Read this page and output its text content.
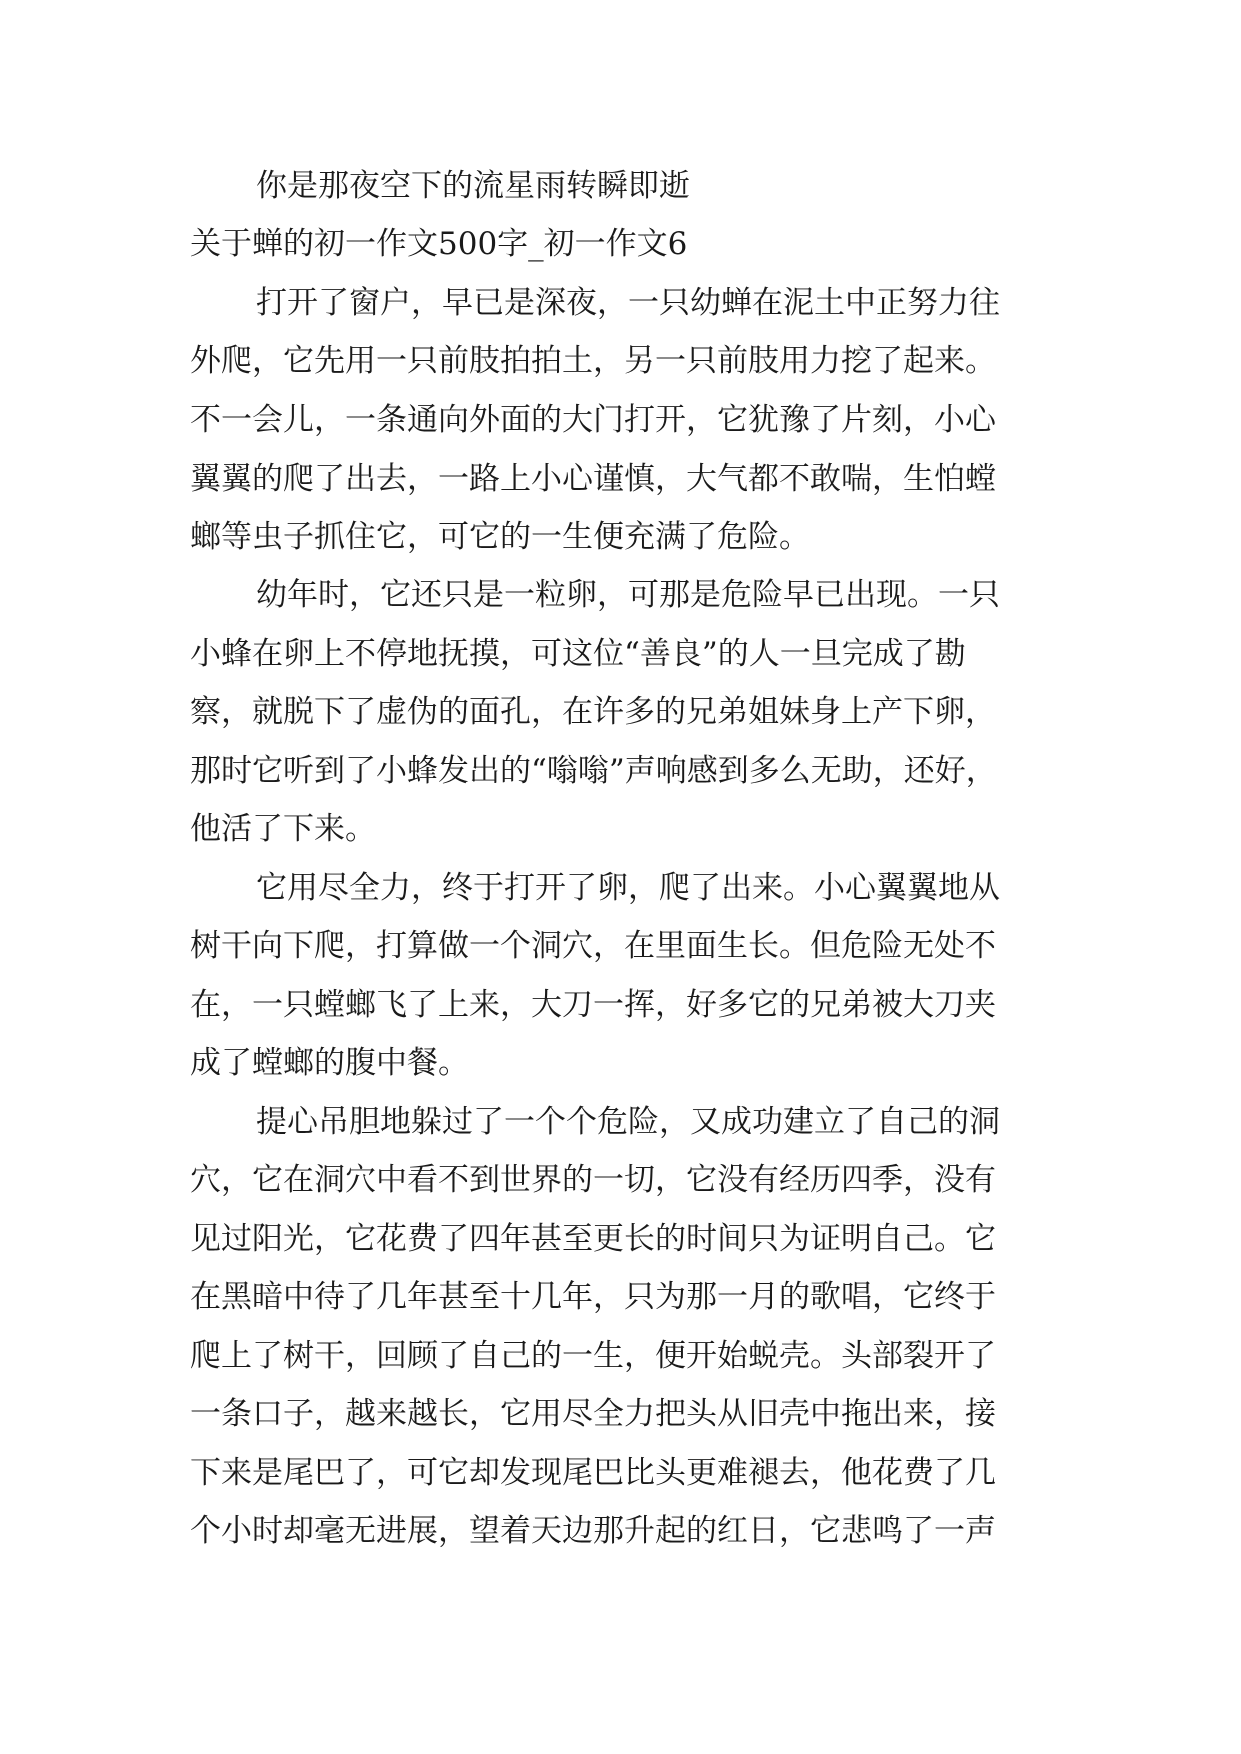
你是那夜空下的流星雨转瞬即逝

关于蝉的初一作文500字_初一作文6

打开了窗户，早已是深夜，一只幼蝉在泥土中正努力往

外爬，它先用一只前肢拍拍土，另一只前肢用力挖了起来。

不一会儿，一条通向外面的大门打开，它犹豫了片刻，小心

翼翼的爬了出去，一路上小心谨慎，大气都不敢喘，生怕螳

螂等虫子抓住它，可它的一生便充满了危险。

幼年时，它还只是一粒卵，可那是危险早已出现。一只

小蜂在卵上不停地抚摸，可这位“善良”的人一旦完成了勘

察，就脱下了虚伪的面孔，在许多的兄弟姐妹身上产下卵，

那时它听到了小蜂发出的“嗡嗡”声响感到多么无助，还好，

他活了下来。

它用尽全力，终于打开了卵，爬了出来。小心翼翼地从

树干向下爬，打算做一个洞穴，在里面生长。但危险无处不

在，一只螳螂飞了上来，大刀一挥，好多它的兄弟被大刀夹

成了螳螂的腹中餐。

提心吊胆地躲过了一个个危险，又成功建立了自己的洞

穴，它在洞穴中看不到世界的一切，它没有经历四季，没有

见过阳光，它花费了四年甚至更长的时间只为证明自己。它

在黑暗中待了几年甚至十几年，只为那一月的歌唱，它终于

爬上了树干，回顾了自己的一生，便开始蜕壳。头部裂开了

一条口子，越来越长，它用尽全力把头从旧壳中拖出来，接

下来是尾巴了，可它却发现尾巴比头更难褪去，他花费了几

个小时却毫无进展，望着天边那升起的红日，它悲鸣了一声
